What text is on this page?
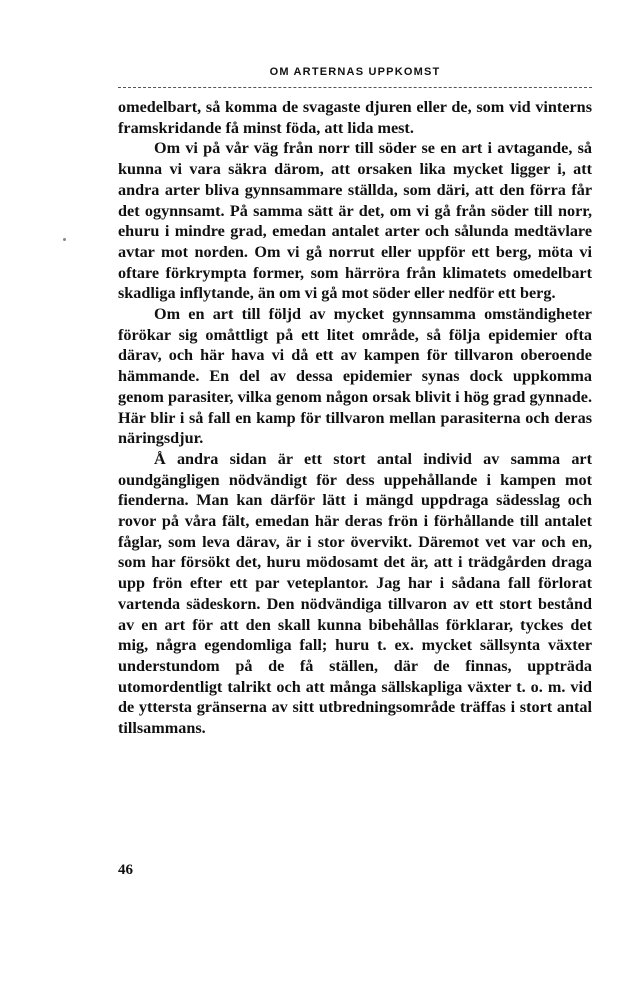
OM ARTERNAS UPPKOMST

omedelbart, så komma de svagaste djuren eller de, som vid vinterns framskridande få minst föda, att lida mest.

Om vi på vår väg från norr till söder se en art i avtagande, så kunna vi vara säkra därom, att orsaken lika mycket ligger i, att andra arter bliva gynnsammare ställda, som däri, att den förra får det ogynnsamt. På samma sätt är det, om vi gå från söder till norr, ehuru i mindre grad, emedan antalet arter och sålunda medtävlare avtar mot norden. Om vi gå norrut eller uppför ett berg, möta vi oftare förkrympta former, som härröra från klimatets omedelbart skadliga inflytande, än om vi gå mot söder eller nedför ett berg.

Om en art till följd av mycket gynnsamma omständigheter förökar sig omåttligt på ett litet område, så följa epidemier ofta därav, och här hava vi då ett av kampen för tillvaron oberoende hämmande. En del av dessa epidemier synas dock uppkomma genom parasiter, vilka genom någon orsak blivit i hög grad gynnade. Här blir i så fall en kamp för tillvaron mellan parasiterna och deras näringsdjur.

Å andra sidan är ett stort antal individ av samma art oundgängligen nödvändigt för dess uppehållande i kampen mot fienderna. Man kan därför lätt i mängd uppdraga sädesslag och rovor på våra fält, emedan här deras frön i förhållande till antalet fåglar, som leva därav, är i stor övervikt. Däremot vet var och en, som har försökt det, huru mödosamt det är, att i trädgården draga upp frön efter ett par veteplantor. Jag har i sådana fall förlorat vartenda sädeskorn. Den nödvändiga tillvaron av ett stort bestånd av en art för att den skall kunna bibehållas förklarar, tyckes det mig, några egendomliga fall; huru t. ex. mycket sällsynta växter understundom på de få ställen, där de finnas, uppträda utomordentligt talrikt och att många sällskapliga växter t. o. m. vid de yttersta gränserna av sitt utbredningsområde träffas i stort antal tillsammans.

46
